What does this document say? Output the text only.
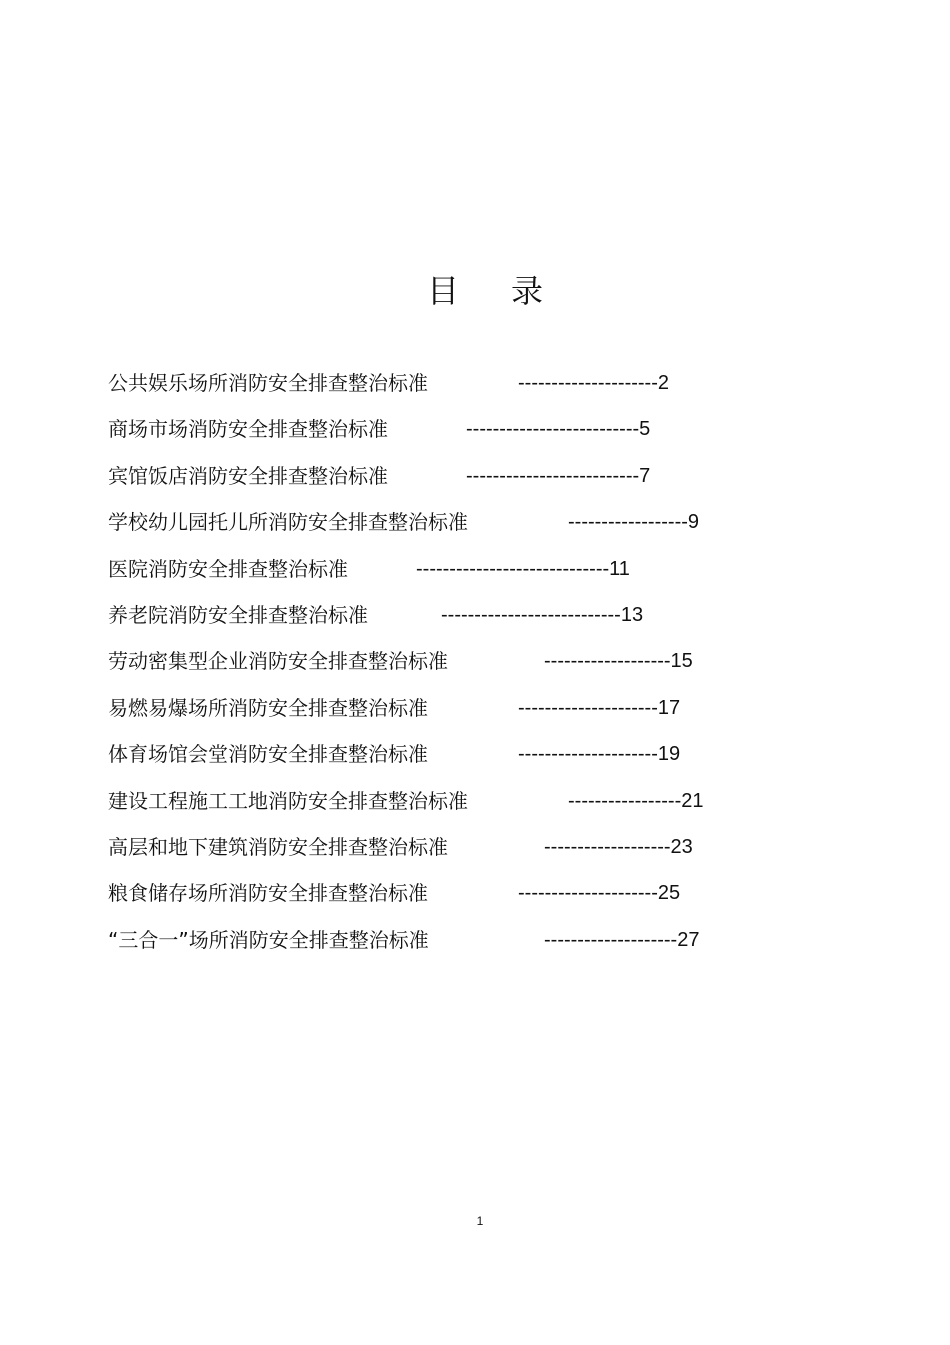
目 录
公共娱乐场所消防安全排查整治标准	---------------------2
商场市场消防安全排查整治标准	--------------------------5
宾馆饭店消防安全排查整治标准	--------------------------7
学校幼儿园托儿所消防安全排查整治标准	------------------9
医院消防安全排查整治标准	-----------------------------11
养老院消防安全排查整治标准	---------------------------13
劳动密集型企业消防安全排查整治标准	-------------------15
易燃易爆场所消防安全排查整治标准	---------------------17
体育场馆会堂消防安全排查整治标准	---------------------19
建设工程施工工地消防安全排查整治标准	-----------------21
高层和地下建筑消防安全排查整治标准	-------------------23
粮食储存场所消防安全排查整治标准	---------------------25
“三合一”场所消防安全排查整治标准	--------------------27
1
